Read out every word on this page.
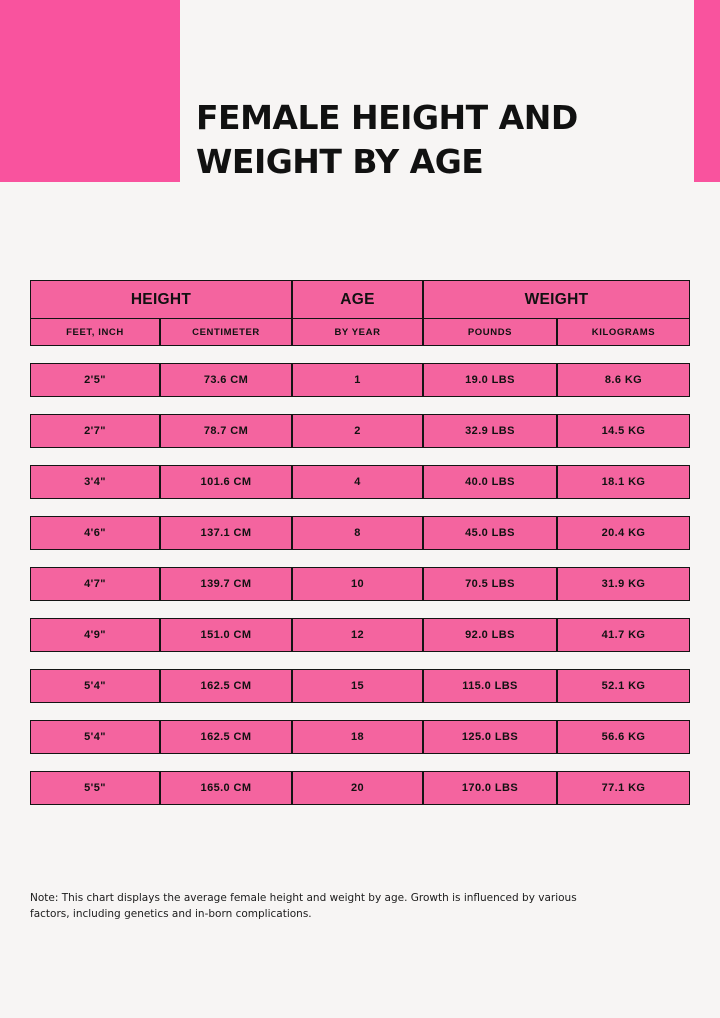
FEMALE HEIGHT AND WEIGHT BY AGE
HEIGHT	AGE	WEIGHT
FEET, INCH	CENTIMETER	BY YEAR	POUNDS	KILOGRAMS
2'5"	73.6 CM	1	19.0 LBS	8.6 KG
2'7"	78.7 CM	2	32.9 LBS	14.5 KG
3'4"	101.6 CM	4	40.0 LBS	18.1 KG
4'6"	137.1 CM	8	45.0 LBS	20.4 KG
4'7"	139.7 CM	10	70.5 LBS	31.9 KG
4'9"	151.0 CM	12	92.0 LBS	41.7 KG
5'4"	162.5 CM	15	115.0 LBS	52.1 KG
5'4"	162.5 CM	18	125.0 LBS	56.6 KG
5'5"	165.0 CM	20	170.0 LBS	77.1 KG
Note: This chart displays the average female height and weight by age. Growth is influenced by various factors, including genetics and in-born complications.
